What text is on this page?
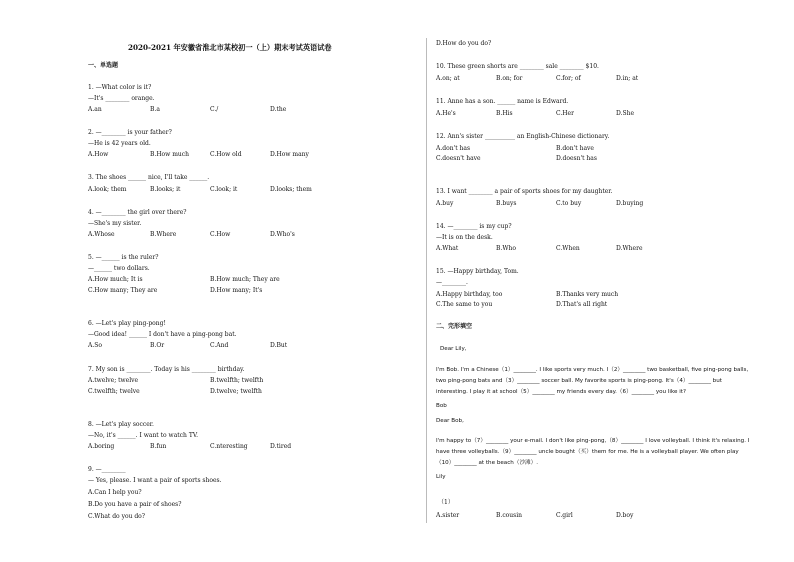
2020-2021 年安徽省淮北市某校初一（上）期末考试英语试卷
一、单选题
1. —What color is it?
—It's ________ orange.
A.an	B.a	C./	D.the
2. —________ is your father?
—He is 42 years old.
A.How	B.How much	C.How old	D.How many
3. The shoes ______ nice, I'll take ______.
A.look; them	B.looks; it	C.look; it	D.looks; them
4. —________ the girl over there?
—She's my sister.
A.Whose	B.Where	C.How	D.Who's
5. —______ is the ruler?
—______ two dollars.
A.How much; It is	B.How much; They are
C.How many; They are	D.How many; It's
6. —Let's play ping-pong!
—Good idea! ______ I don't have a ping-pong bat.
A.So	B.Or	C.And	D.But
7. My son is ________. Today is his ________ birthday.
A.twelve; twelve	B.twelfth; twelfth
C.twelfth; twelve	D.twelve; twelfth
8. —Let's play soccer.
—No, it's ______. I want to watch TV.
A.boring	B.fun	C.nteresting	D.tired
9. —________
— Yes, please. I want a pair of sports shoes.
A.Can I help you?
B.Do you have a pair of shoes?
C.What do you do?
D.How do you do?
10. These green shorts are ________ sale ________ $10.
A.on; at	B.on; for	C.for; of	D.in; at
11. Anne has a son. ______ name is Edward.
A.He's	B.His	C.Her	D.She
12. Ann's sister __________ an English-Chinese dictionary.
A.don't has	B.don't have
C.doesn't have	D.doesn't has
13. I want ________ a pair of sports shoes for my daughter.
A.buy	B.buys	C.to buy	D.buying
14. —________ is my cup?
—It is on the desk.
A.What	B.Who	C.When	D.Where
15. —Happy birthday, Tom.
—________.
A.Happy birthday, too	B.Thanks very much
C.The same to you	D.That's all right
二、完形填空
Dear Lily,
I'm Bob. I'm a Chinese（1）________. I like sports very much. I（2）________ two basketball, five ping-pong balls,
two ping-pong bats and（3）________ soccer ball. My favorite sports is ping-pong. It's（4）________ but
interesting. I play it at school（5）________ my friends every day.（6）________ you like it?
Bob
Dear Bob,
I'm happy to（7）________ your e-mail. I don't like ping-pong,（8）________ I love volleyball. I think it's relaxing. I
have three volleyballs.（9）________ uncle bought（买）them for me. He is a volleyball player. We often play
（10）________ at the beach（沙滩）.
Lily
（1）
A.sister	B.cousin	C.girl	D.boy
